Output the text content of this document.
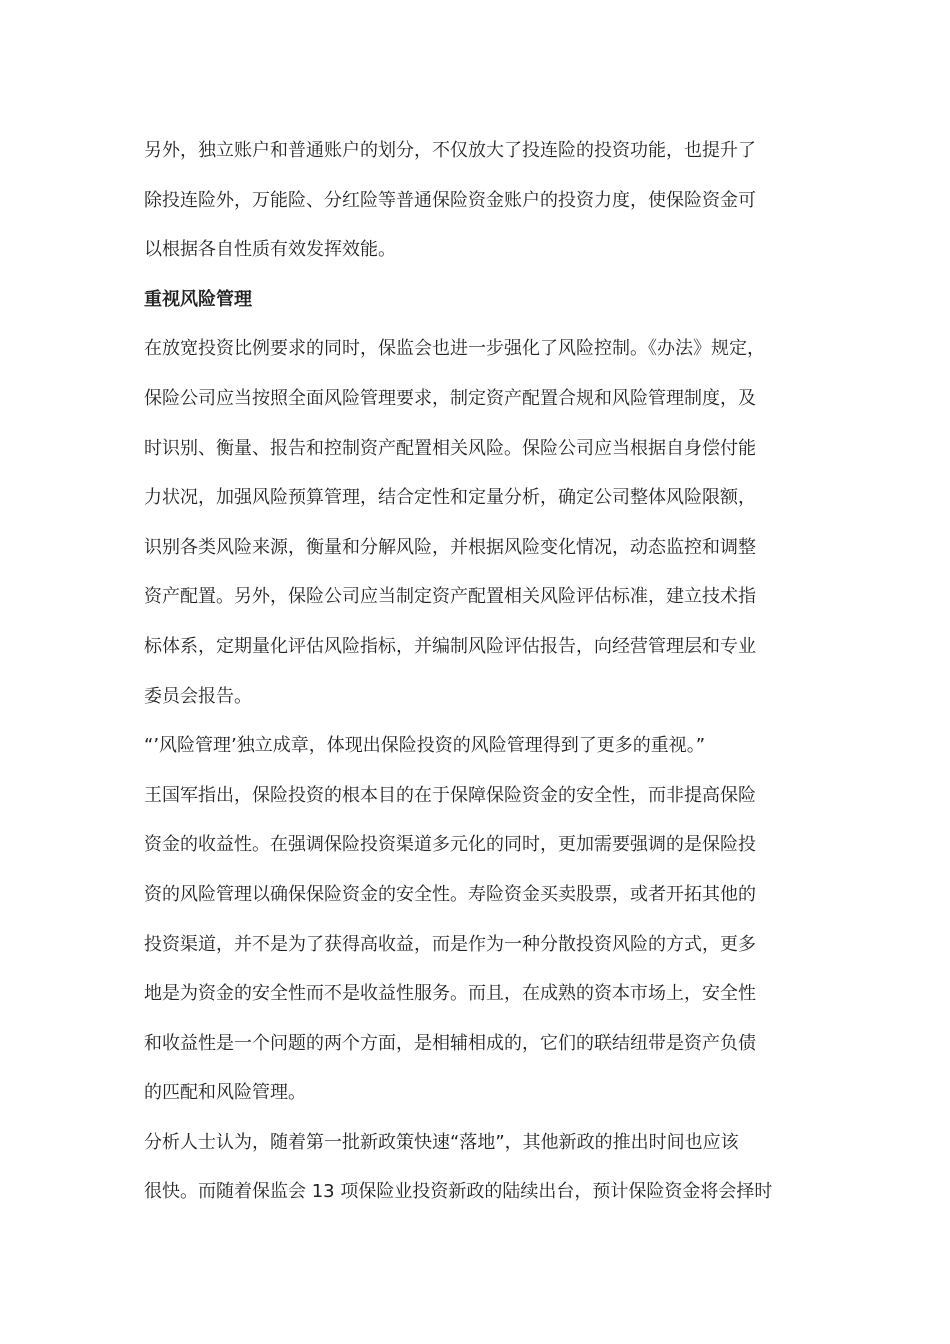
另外，独立账户和普通账户的划分，不仅放大了投连险的投资功能，也提升了
除投连险外，万能险、分红险等普通保险资金账户的投资力度，使保险资金可
以根据各自性质有效发挥效能。
重视风险管理
在放宽投资比例要求的同时，保监会也进一步强化了风险控制。《办法》规定，
保险公司应当按照全面风险管理要求，制定资产配置合规和风险管理制度，及
时识别、衡量、报告和控制资产配置相关风险。保险公司应当根据自身偿付能
力状况，加强风险预算管理，结合定性和定量分析，确定公司整体风险限额，
识别各类风险来源，衡量和分解风险，并根据风险变化情况，动态监控和调整
资产配置。另外，保险公司应当制定资产配置相关风险评估标准，建立技术指
标体系，定期量化评估风险指标，并编制风险评估报告，向经营管理层和专业
委员会报告。
“’风险管理’独立成章，体现出保险投资的风险管理得到了更多的重视。”
王国军指出，保险投资的根本目的在于保障保险资金的安全性，而非提高保险
资金的收益性。在强调保险投资渠道多元化的同时，更加需要强调的是保险投
资的风险管理以确保保险资金的安全性。寿险资金买卖股票，或者开拓其他的
投资渠道，并不是为了获得高收益，而是作为一种分散投资风险的方式，更多
地是为资金的安全性而不是收益性服务。而且，在成熟的资本市场上，安全性
和收益性是一个问题的两个方面，是相辅相成的，它们的联结纽带是资产负债
的匹配和风险管理。
分析人士认为，随着第一批新政策快速“落地”，其他新政的推出时间也应该
很快。而随着保监会 13 项保险业投资新政的陆续出台，预计保险资金将会择时
